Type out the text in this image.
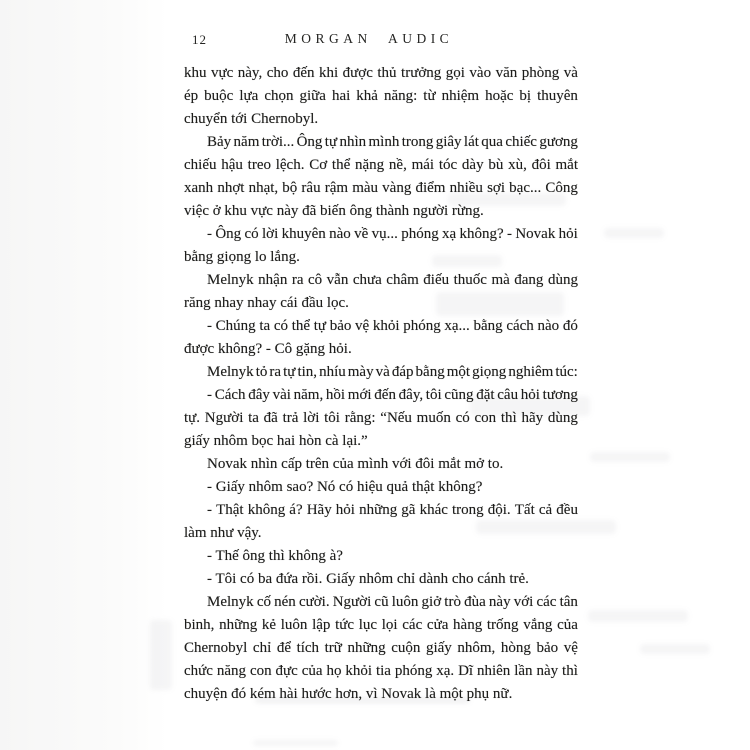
12	MORGAN AUDIC
khu vực này, cho đến khi được thủ trưởng gọi vào văn phòng và
ép buộc lựa chọn giữa hai khả năng: từ nhiệm hoặc bị thuyên
chuyển tới Chernobyl.
Bảy năm trời... Ông tự nhìn mình trong giây lát qua chiếc gương
chiếu hậu treo lệch. Cơ thể nặng nề, mái tóc dày bù xù, đôi mắt
xanh nhợt nhạt, bộ râu rậm màu vàng điểm nhiều sợi bạc... Công
việc ở khu vực này đã biến ông thành người rừng.
- Ông có lời khuyên nào về vụ... phóng xạ không? - Novak hỏi
bằng giọng lo lắng.
Melnyk nhận ra cô vẫn chưa châm điếu thuốc mà đang dùng
răng nhay nhay cái đầu lọc.
- Chúng ta có thể tự bảo vệ khỏi phóng xạ... bằng cách nào đó
được không? - Cô gặng hỏi.
Melnyk tỏ ra tự tin, nhíu mày và đáp bằng một giọng nghiêm túc:
- Cách đây vài năm, hồi mới đến đây, tôi cũng đặt câu hỏi tương
tự. Người ta đã trả lời tôi rằng: “Nếu muốn có con thì hãy dùng
giấy nhôm bọc hai hòn cà lại.”
Novak nhìn cấp trên của mình với đôi mắt mở to.
- Giấy nhôm sao? Nó có hiệu quả thật không?
- Thật không á? Hãy hỏi những gã khác trong đội. Tất cả đều
làm như vậy.
- Thế ông thì không à?
- Tôi có ba đứa rồi. Giấy nhôm chỉ dành cho cánh trẻ.
Melnyk cố nén cười. Người cũ luôn giở trò đùa này với các tân
binh, những kẻ luôn lập tức lục lọi các cửa hàng trống vắng của
Chernobyl chỉ để tích trữ những cuộn giấy nhôm, hòng bảo vệ
chức năng con đực của họ khỏi tia phóng xạ. Dĩ nhiên lần này thì
chuyện đó kém hài hước hơn, vì Novak là một phụ nữ.
